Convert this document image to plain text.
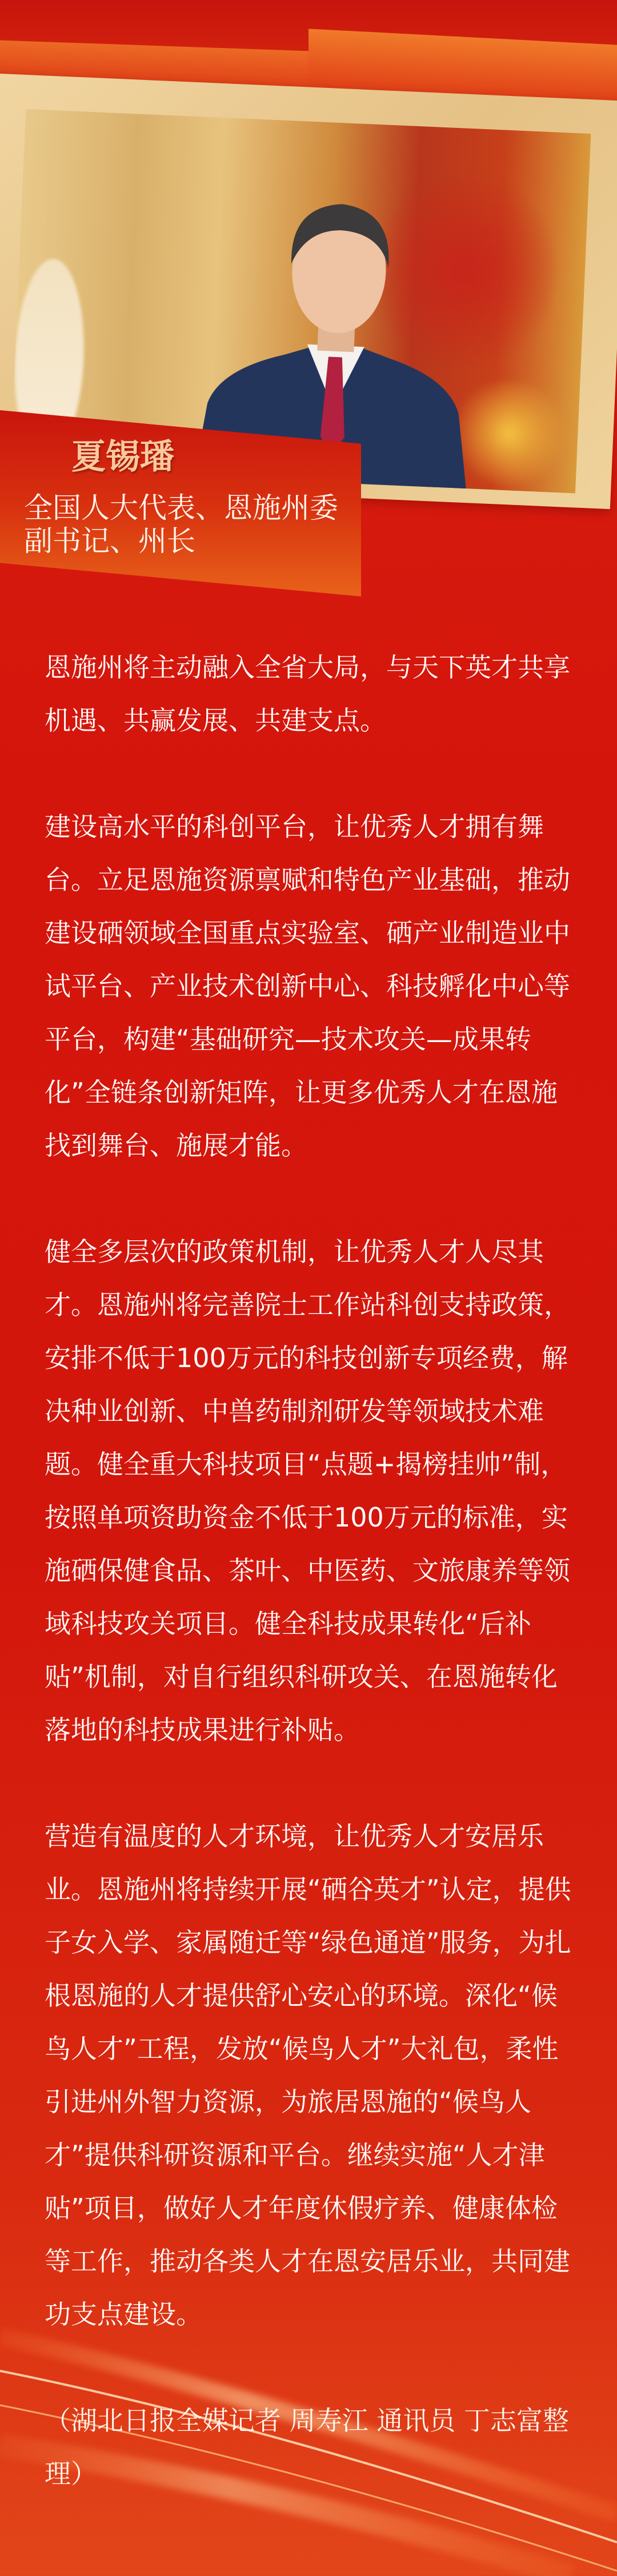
夏锡璠
全国人大代表、恩施州委副书记、州长

恩施州将主动融入全省大局，与天下英才共享机遇、共赢发展、共建支点。

建设高水平的科创平台，让优秀人才拥有舞台。立足恩施资源禀赋和特色产业基础，推动建设硒领域全国重点实验室、硒产业制造业中试平台、产业技术创新中心、科技孵化中心等平台，构建“基础研究—技术攻关—成果转化”全链条创新矩阵，让更多优秀人才在恩施找到舞台、施展才能。

健全多层次的政策机制，让优秀人才人尽其才。恩施州将完善院士工作站科创支持政策，安排不低于100万元的科技创新专项经费，解决种业创新、中兽药制剂研发等领域技术难题。健全重大科技项目“点题+揭榜挂帅”制，按照单项资助资金不低于100万元的标准，实施硒保健食品、茶叶、中医药、文旅康养等领域科技攻关项目。健全科技成果转化“后补贴”机制，对自行组织科研攻关、在恩施转化落地的科技成果进行补贴。

营造有温度的人才环境，让优秀人才安居乐业。恩施州将持续开展“硒谷英才”认定，提供子女入学、家属随迁等“绿色通道”服务，为扎根恩施的人才提供舒心安心的环境。深化“候鸟人才”工程，发放“候鸟人才”大礼包，柔性引进州外智力资源，为旅居恩施的“候鸟人才”提供科研资源和平台。继续实施“人才津贴”项目，做好人才年度休假疗养、健康体检等工作，推动各类人才在恩安居乐业，共同建功支点建设。

（湖北日报全媒记者 周寿江 通讯员 丁志富整理）
